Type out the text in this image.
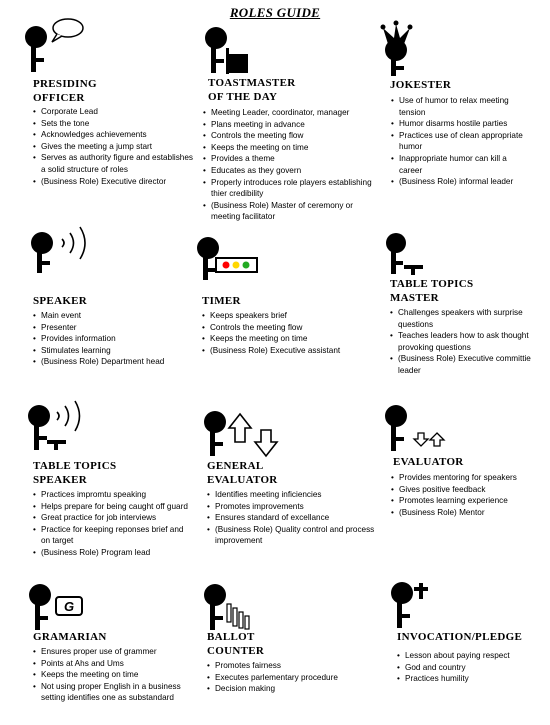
ROLES GUIDE
PRESIDING
OFFICER
• Corporate Lead
• Sets the tone
• Acknowledges achievements
• Gives the meeting a jump start
• Serves as authority figure and establishes a solid structure of roles
• (Business Role) Executive director
TOASTMASTER
OF THE DAY
• Meeting Leader, coordinator, manager
• Plans meeting in advance
• Controls the meeting flow
• Keeps the meeting on time
• Provides a theme
• Educates as they govern
• Properly introduces role players establishing thier credibility
• (Business Role) Master of ceremony or meeting facilitator
JOKESTER
• Use of humor to relax meeting tension
• Humor disarms hostile parties
• Practices use of clean appropriate humor
• Inappropriate humor can kill a career
• (Business Role) informal leader
SPEAKER
• Main event
• Presenter
• Provides information
• Stimulates learning
• (Business Role) Department head
TIMER
• Keeps speakers brief
• Controls the meeting flow
• Keeps the meeting on time
• (Business Role) Executive assistant
TABLE TOPICS
MASTER
• Challenges speakers with surprise questions
• Teaches leaders how to ask thought provoking questions
• (Business Role) Executive committie leader
TABLE TOPICS
SPEAKER
• Practices impromtu speaking
• Helps prepare for being caught off guard
• Great practice for job interviews
• Practice for keeping reponses brief and on target
• (Business Role) Program lead
GENERAL
EVALUATOR
• Identifies meeting inficiencies
• Promotes improvements
• Ensures standard of excellance
• (Business Role) Quality control and process improvement
EVALUATOR
• Provides mentoring for speakers
• Gives positive feedback
• Promotes learning experience
• (Business Role) Mentor
G
GRAMARIAN
• Ensures proper use of grammer
• Points at Ahs and Ums
• Keeps the meeting on time
• Not using proper English in a business setting identifies one as substandard
BALLOT
COUNTER
• Promotes fairness
• Executes parlementary procedure
• Decision making
INVOCATION/PLEDGE
• Lesson about paying respect
• God and country
• Practices humility
